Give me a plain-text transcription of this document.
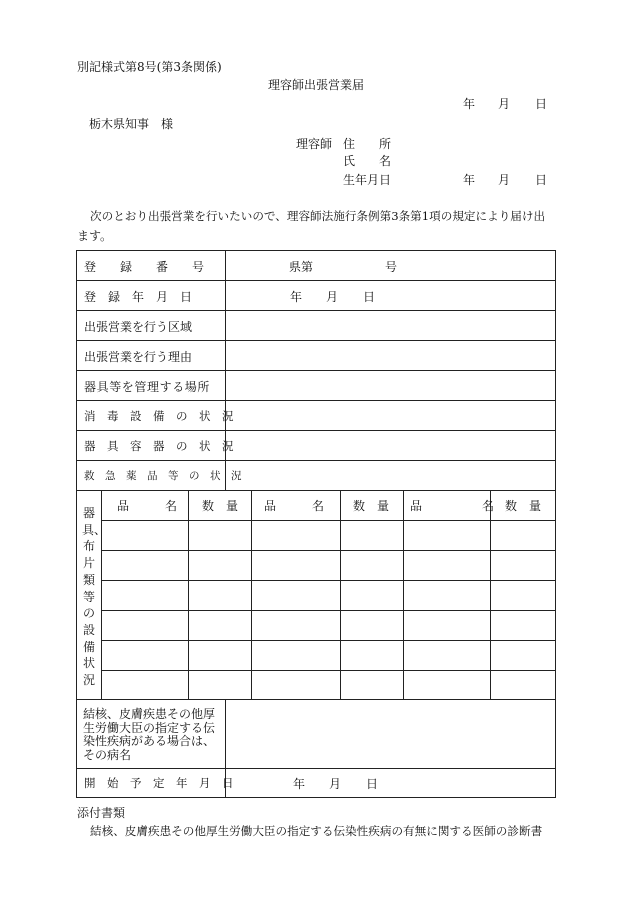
別記様式第8号(第3条関係)
理容師出張営業届
年 月 日
栃木県知事　様
理容師 住　　所
氏　　名
生年月日	年 月 日
次のとおり出張営業を行いたいので、理容師法施行条例第3条第1項の規定により届け出
ます。
登　　録　　番　　号	県第	号
登　録　年　月　日	年 月 日
出張営業を行う区域
出張営業を行う理由
器具等を管理する場所
消　毒　設　備　の　状　況
器　具　容　器　の　状　況
救　急　薬　品　等　の　状　況
器具、布片類等の設備状況
品　　　名 数　量 品　　　名 数　量 品　　　　　名 数　量
結核、皮膚疾患その他厚生労働大臣の指定する伝染性疾病がある場合は、その病名
開　始　予　定　年　月　日	年 月 日
添付書類
結核、皮膚疾患その他厚生労働大臣の指定する伝染性疾病の有無に関する医師の診断書
